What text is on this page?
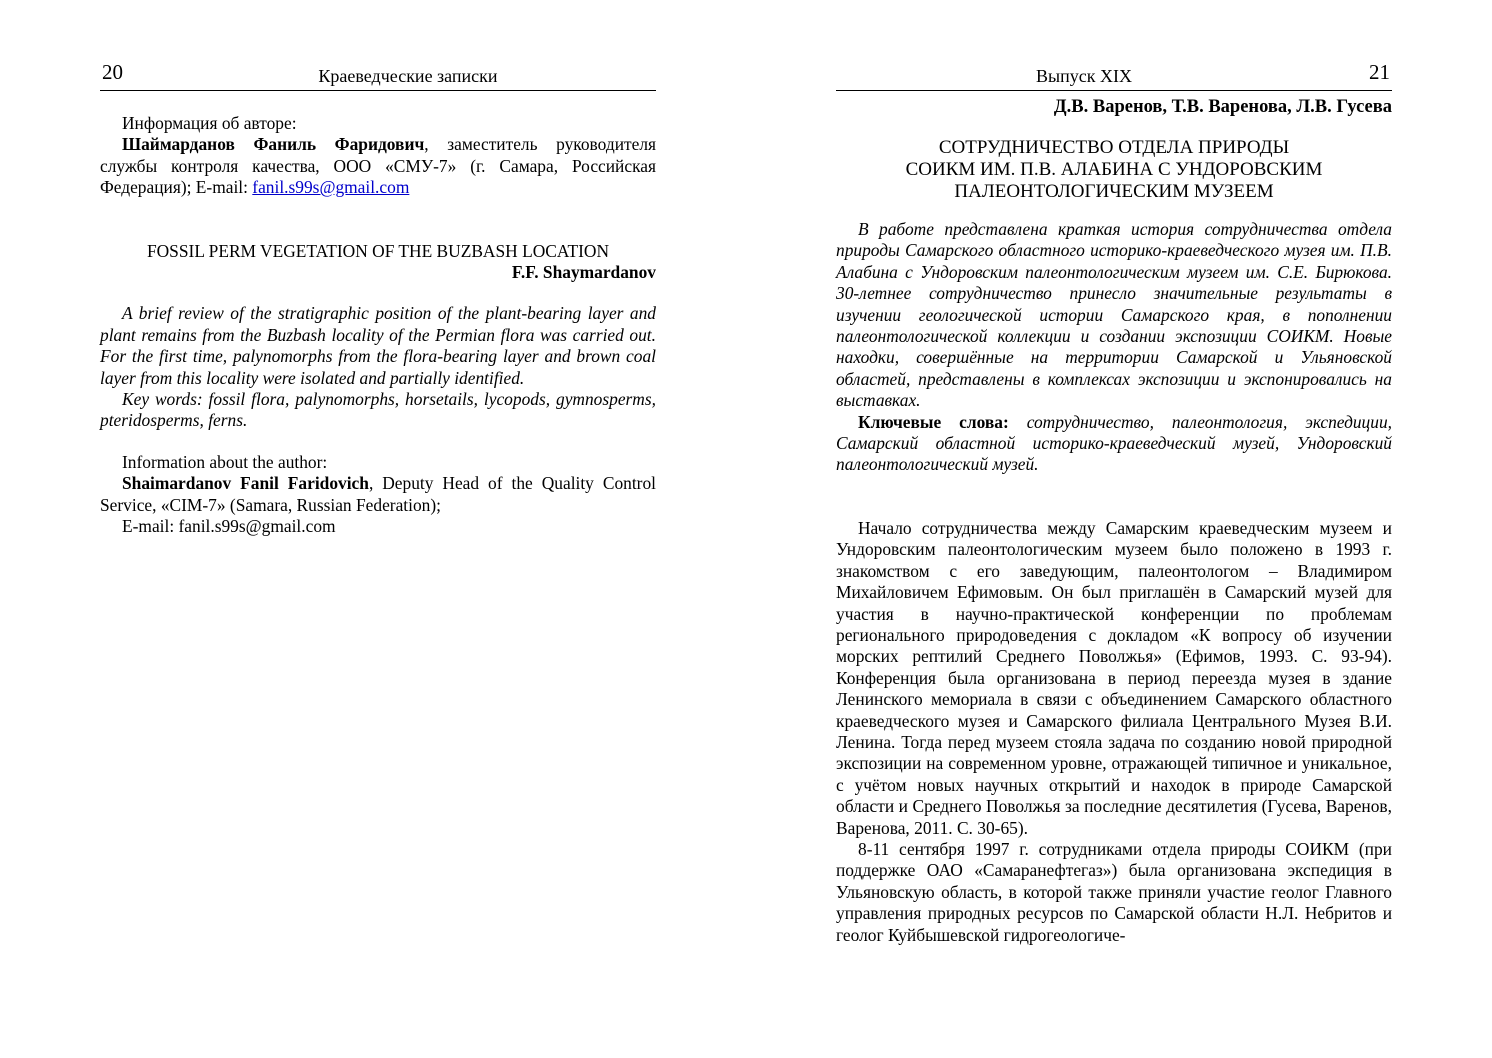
20	Краеведческие записки

Информация об авторе:

Шаймарданов Фаниль Фаридович, заместитель руководителя службы контроля качества, ООО «СМУ-7» (г. Самара, Российская Федерация); E-mail: fanil.s99s@gmail.com

FOSSIL PERM VEGETATION OF THE BUZBASH LOCATION

F.F. Shaymardanov

A brief review of the stratigraphic position of the plant-bearing layer and plant remains from the Buzbash locality of the Permian flora was carried out. For the first time, palynomorphs from the flora-bearing layer and brown coal layer from this locality were isolated and partially identified.

Key words: fossil flora, palynomorphs, horsetails, lycopods, gymnosperms, pteridosperms, ferns.

Information about the author:

Shaimardanov Fanil Faridovich, Deputy Head of the Quality Control Service, «CIM-7» (Samara, Russian Federation);

E-mail: fanil.s99s@gmail.com

Выпуск XIX	21

Д.В. Варенов, Т.В. Варенова, Л.В. Гусева

СОТРУДНИЧЕСТВО ОТДЕЛА ПРИРОДЫ

СОИКМ ИМ. П.В. АЛАБИНА С УНДОРОВСКИМ

ПАЛЕОНТОЛОГИЧЕСКИМ МУЗЕЕМ

В работе представлена краткая история сотрудничества отдела природы Самарского областного историко-краеведческого музея им. П.В. Алабина с Ундоровским палеонтологическим музеем им. С.Е. Бирюкова. 30-летнее сотрудничество принесло значительные результаты в изучении геологической истории Самарского края, в пополнении палеонтологической коллекции и создании экспозиции СОИКМ. Новые находки, совершённые на территории Самарской и Ульяновской областей, представлены в комплексах экспозиции и экспонировались на выставках.

Ключевые слова: сотрудничество, палеонтология, экспедиции, Самарский областной историко-краеведческий музей, Ундоровский палеонтологический музей.

Начало сотрудничества между Самарским краеведческим музеем и Ундоровским палеонтологическим музеем было положено в 1993 г. знакомством с его заведующим, палеонтологом – Владимиром Михайловичем Ефимовым. Он был приглашён в Самарский музей для участия в научно-практической конференции по проблемам регионального природоведения с докладом «К вопросу об изучении морских рептилий Среднего Поволжья» (Ефимов, 1993. С. 93-94). Конференция была организована в период переезда музея в здание Ленинского мемориала в связи с объединением Самарского областного краеведческого музея и Самарского филиала Центрального Музея В.И. Ленина. Тогда перед музеем стояла задача по созданию новой природной экспозиции на современном уровне, отражающей типичное и уникальное, с учётом новых научных открытий и находок в природе Самарской области и Среднего Поволжья за последние десятилетия (Гусева, Варенов, Варенова, 2011. С. 30-65).

8-11 сентября 1997 г. сотрудниками отдела природы СОИКМ (при поддержке ОАО «Самаранефтегаз») была организована экспедиция в Ульяновскую область, в которой также приняли участие геолог Главного управления природных ресурсов по Самарской области Н.Л. Небритов и геолог Куйбышевской гидрогеологиче-
